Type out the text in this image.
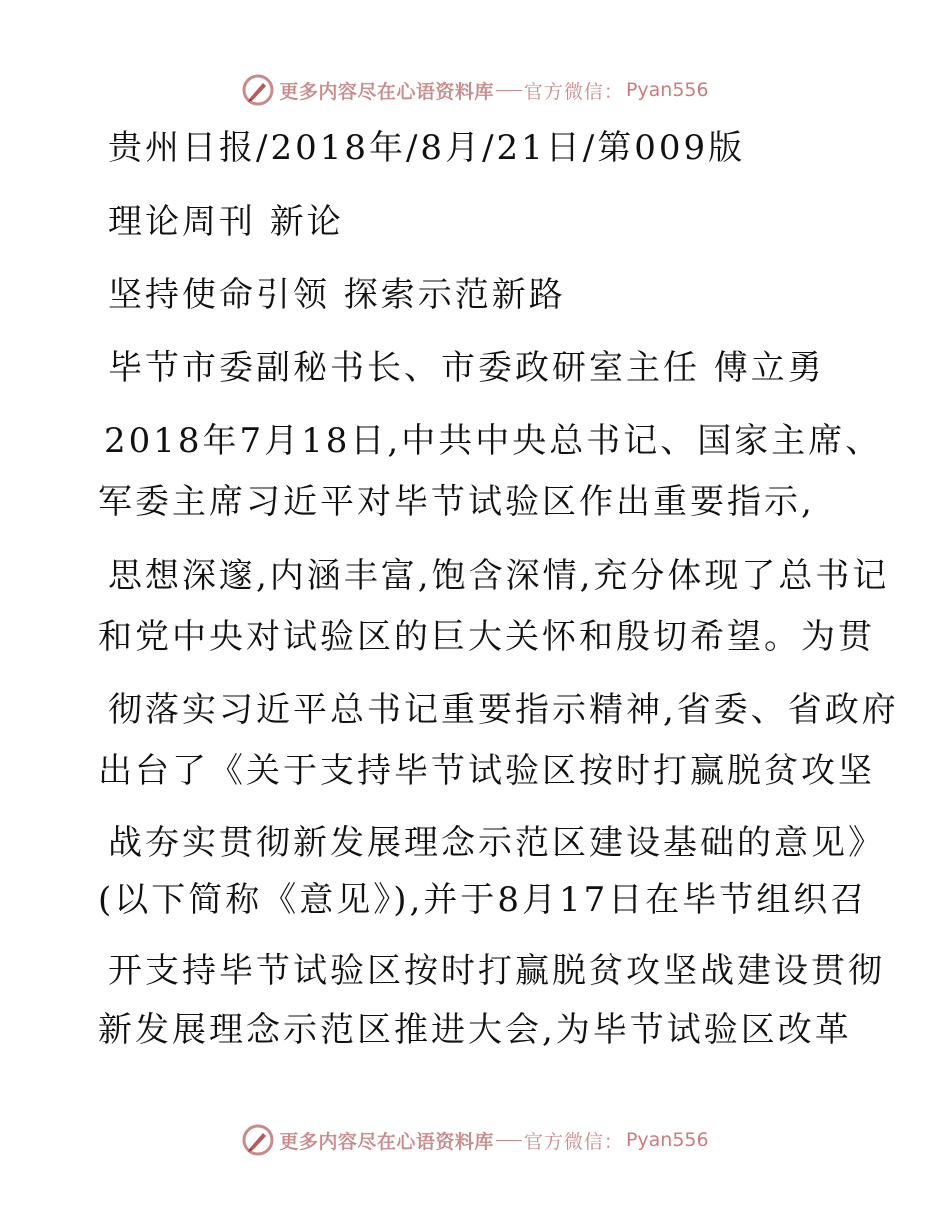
更多内容尽在心语资料库 官方微信： Pyan556
贵州日报/2018年/8月/21日/第009版
理论周刊 新论
坚持使命引领 探索示范新路
毕节市委副秘书长、市委政研室主任 傅立勇
2018年7月18日,中共中央总书记、国家主席、
军委主席习近平对毕节试验区作出重要指示,
思想深邃,内涵丰富,饱含深情,充分体现了总书记
和党中央对试验区的巨大关怀和殷切希望。为贯
彻落实习近平总书记重要指示精神,省委、省政府
出台了《关于支持毕节试验区按时打赢脱贫攻坚
战夯实贯彻新发展理念示范区建设基础的意见》
(以下简称《意见》),并于8月17日在毕节组织召
开支持毕节试验区按时打赢脱贫攻坚战建设贯彻
新发展理念示范区推进大会,为毕节试验区改革
更多内容尽在心语资料库 官方微信： Pyan556
